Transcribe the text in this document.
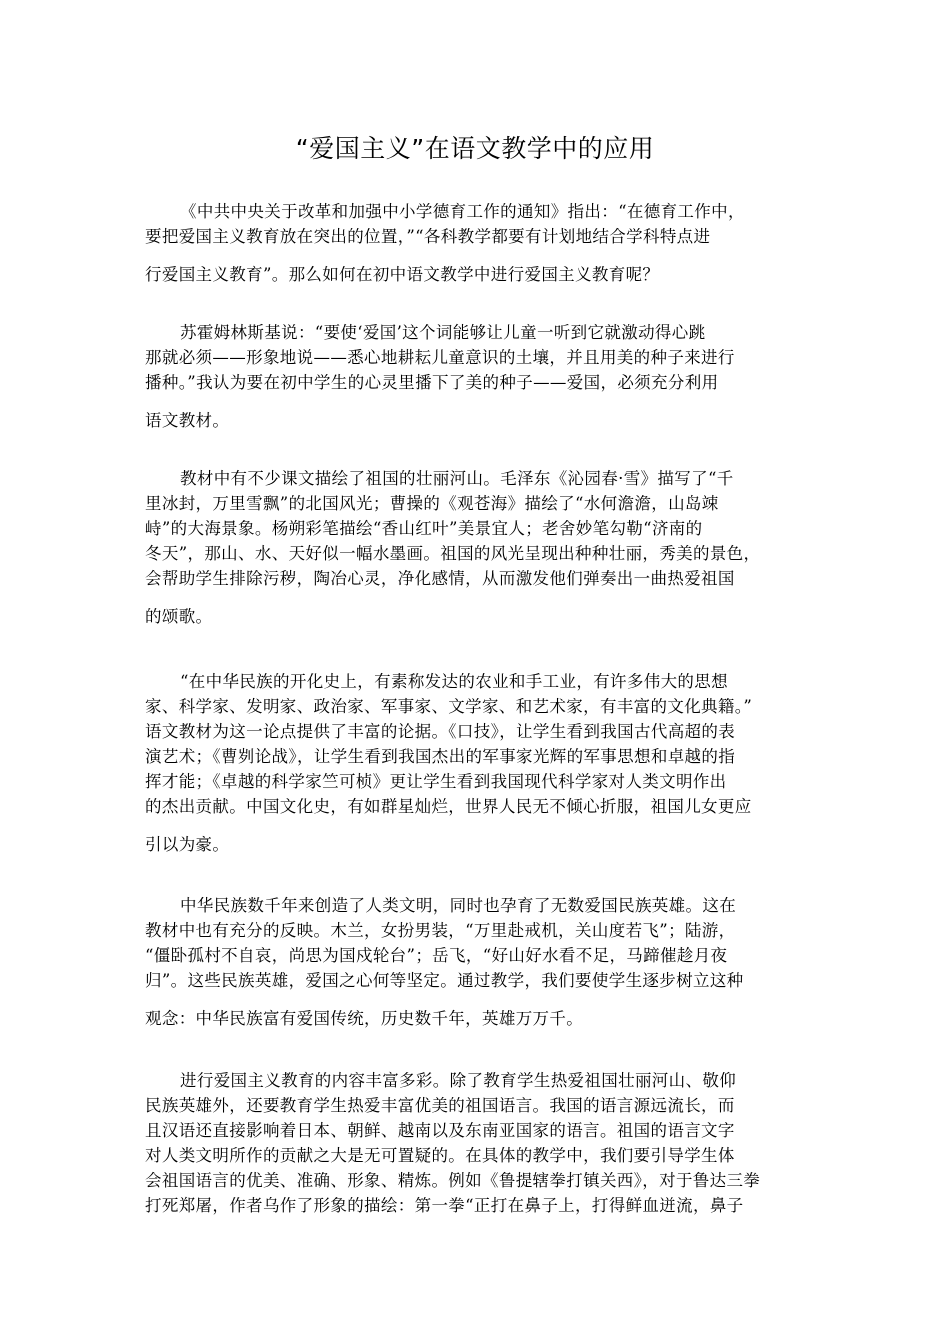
“爱国主义”在语文教学中的应用
《中共中央关于改革和加强中小学德育工作的通知》指出：“在德育工作中，
要把爱国主义教育放在突出的位置，”“各科教学都要有计划地结合学科特点进
行爱国主义教育”。那么如何在初中语文教学中进行爱国主义教育呢？
苏霍姆林斯基说：“要使‘爱国’这个词能够让儿童一听到它就激动得心跳
那就必须——形象地说——悉心地耕耘儿童意识的土壤，并且用美的种子来进行
播种。”我认为要在初中学生的心灵里播下了美的种子——爱国，必须充分利用
语文教材。
教材中有不少课文描绘了祖国的壮丽河山。毛泽东《沁园春·雪》描写了“千
里冰封，万里雪飘”的北国风光；曹操的《观苍海》描绘了“水何澹澹，山岛竦
峙”的大海景象。杨朔彩笔描绘“香山红叶”美景宜人；老舍妙笔勾勒“济南的
冬天”，那山、水、天好似一幅水墨画。祖国的风光呈现出种种壮丽，秀美的景色，
会帮助学生排除污秽，陶冶心灵，净化感情，从而激发他们弹奏出一曲热爱祖国
的颂歌。
“在中华民族的开化史上，有素称发达的农业和手工业，有许多伟大的思想
家、科学家、发明家、政治家、军事家、文学家、和艺术家，有丰富的文化典籍。”
语文教材为这一论点提供了丰富的论据。《口技》，让学生看到我国古代高超的表
演艺术；《曹刿论战》，让学生看到我国杰出的军事家光辉的军事思想和卓越的指
挥才能；《卓越的科学家竺可桢》更让学生看到我国现代科学家对人类文明作出
的杰出贡献。中国文化史，有如群星灿烂，世界人民无不倾心折服，祖国儿女更应
引以为豪。
中华民族数千年来创造了人类文明，同时也孕育了无数爱国民族英雄。这在
教材中也有充分的反映。木兰，女扮男装，“万里赴戒机，关山度若飞”；陆游，
“僵卧孤村不自哀，尚思为国戍轮台”；岳飞，“好山好水看不足，马蹄催趁月夜
归”。这些民族英雄，爱国之心何等坚定。通过教学，我们要使学生逐步树立这种
观念：中华民族富有爱国传统，历史数千年，英雄万万千。
进行爱国主义教育的内容丰富多彩。除了教育学生热爱祖国壮丽河山、敬仰
民族英雄外，还要教育学生热爱丰富优美的祖国语言。我国的语言源远流长，而
且汉语还直接影响着日本、朝鲜、越南以及东南亚国家的语言。祖国的语言文字
对人类文明所作的贡献之大是无可置疑的。在具体的教学中，我们要引导学生体
会祖国语言的优美、准确、形象、精炼。例如《鲁提辖拳打镇关西》，对于鲁达三拳
打死郑屠，作者乌作了形象的描绘：第一拳“正打在鼻子上，打得鲜血迸流，鼻子
